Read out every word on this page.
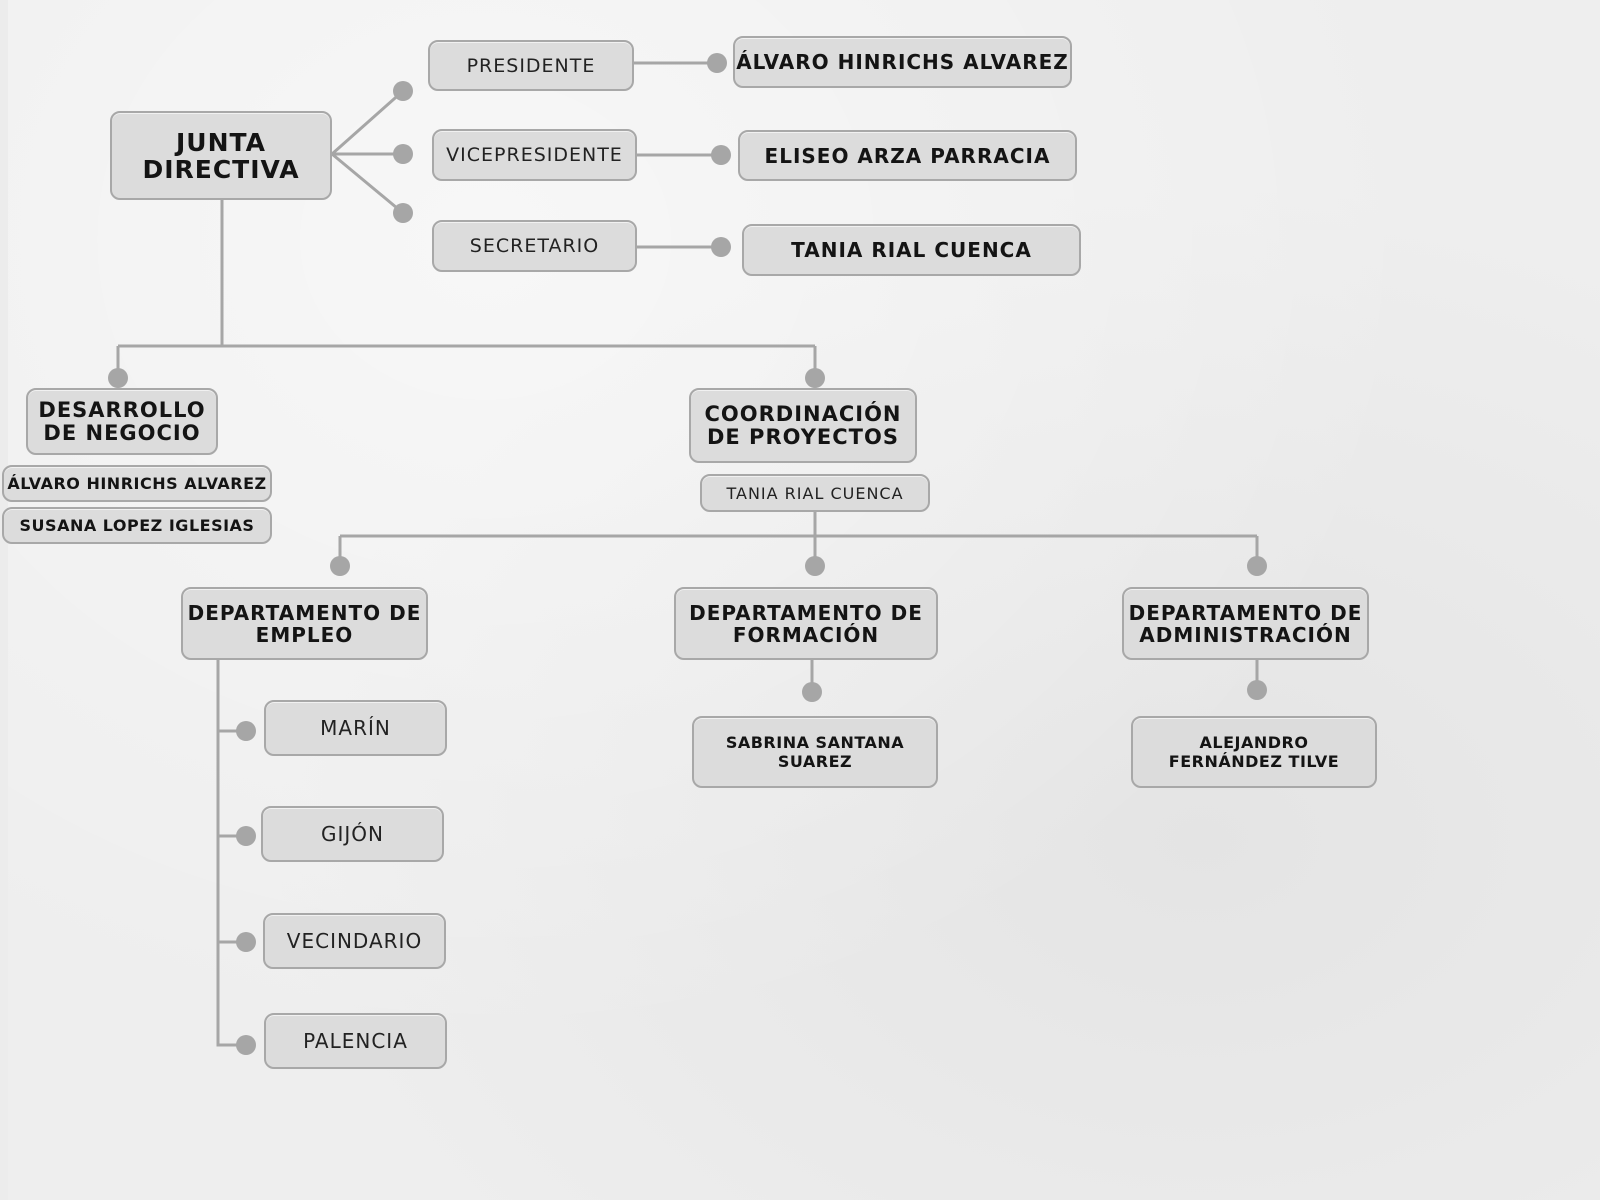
JUNTA
DIRECTIVA
PRESIDENTE	ÁLVARO HINRICHS ALVAREZ
VICEPRESIDENTE	ELISEO ARZA PARRACIA
SECRETARIO	TANIA RIAL CUENCA
DESARROLLO
DE NEGOCIO
ÁLVARO HINRICHS ALVAREZ
SUSANA LOPEZ IGLESIAS
COORDINACIÓN
DE PROYECTOS
TANIA RIAL CUENCA
DEPARTAMENTO DE
EMPLEO
DEPARTAMENTO DE
FORMACIÓN
DEPARTAMENTO DE
ADMINISTRACIÓN
MARÍN
GIJÓN
VECINDARIO
PALENCIA
SABRINA SANTANA
SUAREZ
ALEJANDRO
FERNÁNDEZ TILVE
